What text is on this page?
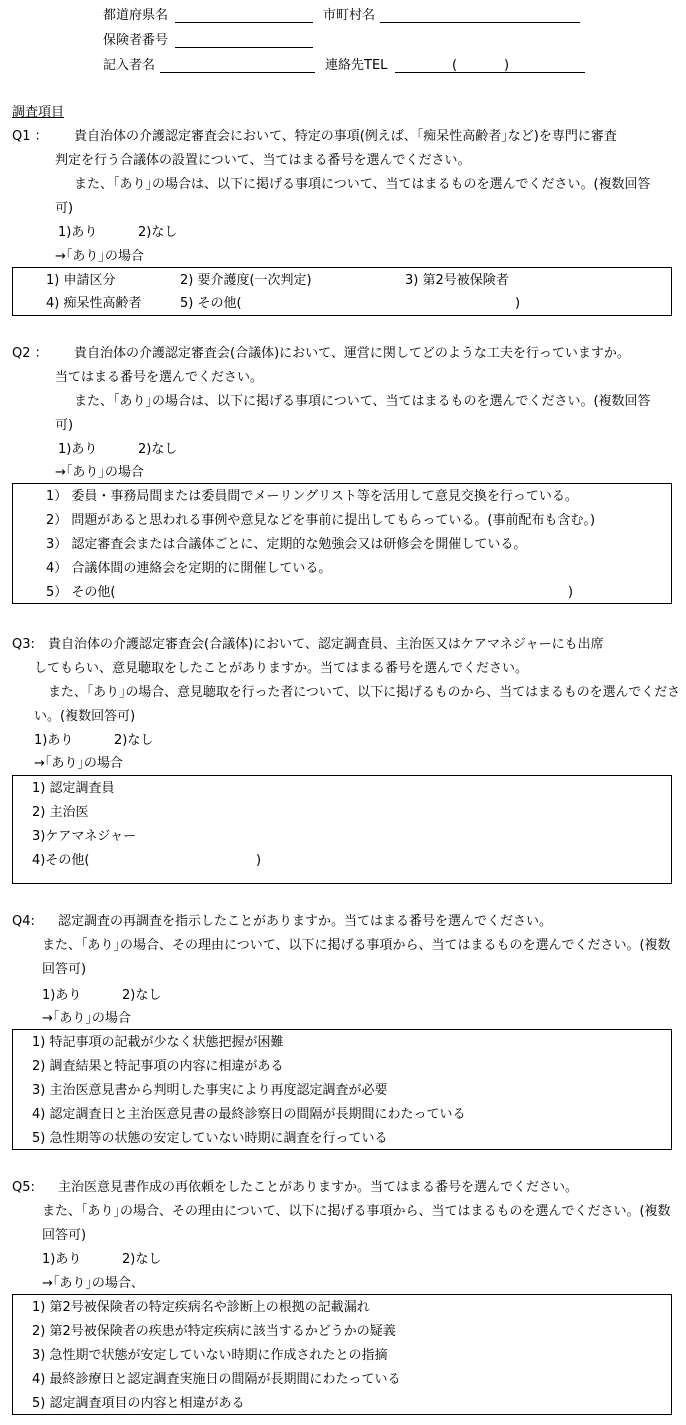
都道府県名	市町村名
保険者番号
記入者名	連絡先TEL	(	)
調査項目
Q1 ： 貴自治体の介護認定審査会において、特定の事項(例えば、｢痴呆性高齢者｣など)を専門に審査
判定を行う合議体の設置について、当てはまる番号を選んでください。
また、｢あり｣の場合は、以下に掲げる事項について、当てはまるものを選んでください。(複数回答
可)
1)あり	2)なし
→｢あり｣の場合
1) 申請区分	2) 要介護度(一次判定)	3) 第2号被保険者
4) 痴呆性高齢者	5) その他(	)
Q2 ： 貴自治体の介護認定審査会(合議体)において、運営に関してどのような工夫を行っていますか。
当てはまる番号を選んでください。
また、｢あり｣の場合は、以下に掲げる事項について、当てはまるものを選んでください。(複数回答
可)
1)あり	2)なし
→｢あり｣の場合
1） 委員・事務局間または委員間でメーリングリスト等を活用して意見交換を行っている。
2） 問題があると思われる事例や意見などを事前に提出してもらっている。(事前配布も含む。)
3） 認定審査会または合議体ごとに、定期的な勉強会又は研修会を開催している。
4） 合議体間の連絡会を定期的に開催している。
5） その他(	)
Q3: 貴自治体の介護認定審査会(合議体)において、認定調査員、主治医又はケアマネジャーにも出席
してもらい、意見聴取をしたことがありますか。当てはまる番号を選んでください。
また、｢あり｣の場合、意見聴取を行った者について、以下に掲げるものから、当てはまるものを選んでくださ
い。(複数回答可)
1)あり	2)なし
→｢あり｣の場合
1) 認定調査員
2) 主治医
3)ケアマネジャー
4)その他(	)
Q4: 認定調査の再調査を指示したことがありますか。当てはまる番号を選んでください。
また、｢あり｣の場合、その理由について、以下に掲げる事項から、当てはまるものを選んでください。(複数
回答可)
1)あり	2)なし
→｢あり｣の場合
1) 特記事項の記載が少なく状態把握が困難
2) 調査結果と特記事項の内容に相違がある
3) 主治医意見書から判明した事実により再度認定調査が必要
4) 認定調査日と主治医意見書の最終診察日の間隔が長期間にわたっている
5) 急性期等の状態の安定していない時期に調査を行っている
Q5: 主治医意見書作成の再依頼をしたことがありますか。当てはまる番号を選んでください。
また、｢あり｣の場合、その理由について、以下に掲げる事項から、当てはまるものを選んでください。(複数
回答可)
1)あり	2)なし
→｢あり｣の場合、
1) 第2号被保険者の特定疾病名や診断上の根拠の記載漏れ
2) 第2号被保険者の疾患が特定疾病に該当するかどうかの疑義
3) 急性期で状態が安定していない時期に作成されたとの指摘
4) 最終診療日と認定調査実施日の間隔が長期間にわたっている
5) 認定調査項目の内容と相違がある
